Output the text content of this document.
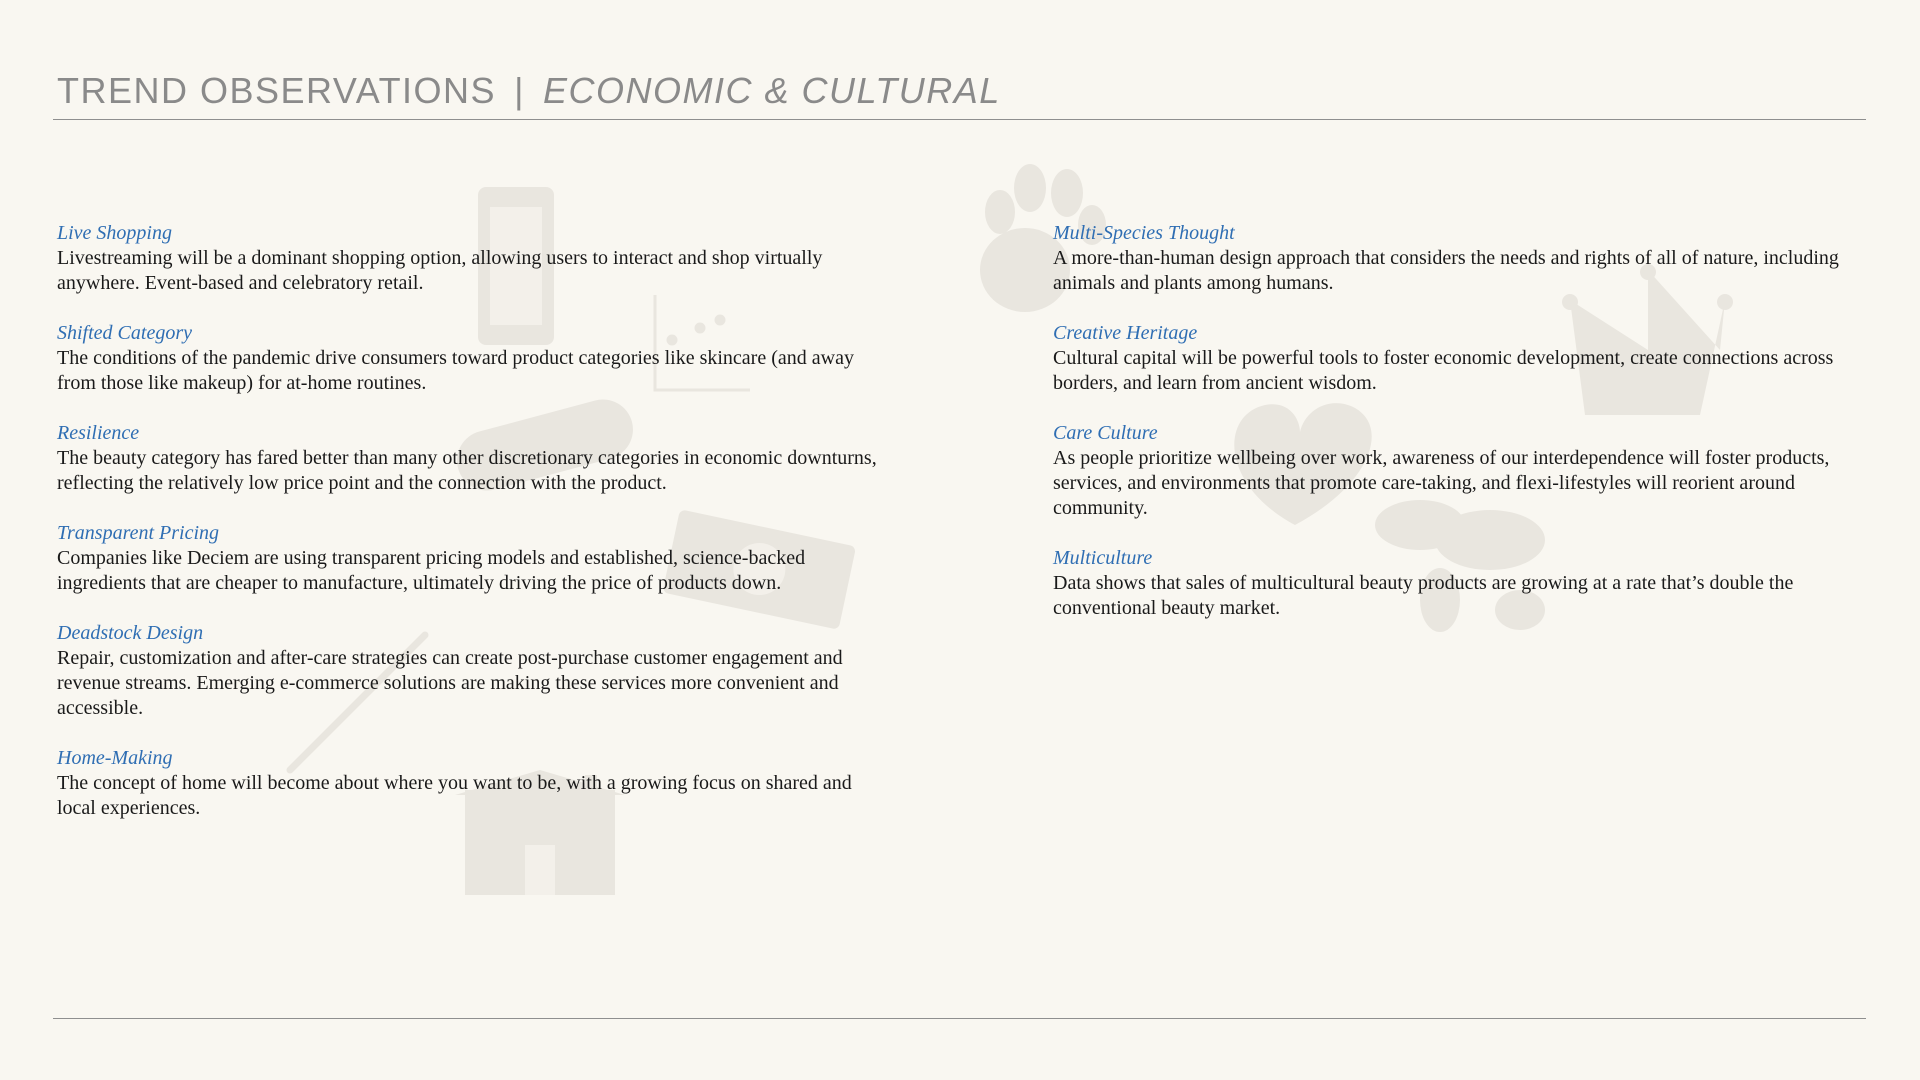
TREND OBSERVATIONS | ECONOMIC & CULTURAL
Live Shopping
Livestreaming will be a dominant shopping option, allowing users to interact and shop virtually anywhere. Event-based and celebratory retail.
Shifted Category
The conditions of the pandemic drive consumers toward product categories like skincare (and away from those like makeup) for at-home routines.
Resilience
The beauty category has fared better than many other discretionary categories in economic downturns, reflecting the relatively low price point and the connection with the product.
Transparent Pricing
Companies like Deciem are using transparent pricing models and established, science-backed ingredients that are cheaper to manufacture, ultimately driving the price of products down.
Deadstock Design
Repair, customization and after-care strategies can create post-purchase customer engagement and revenue streams. Emerging e-commerce solutions are making these services more convenient and accessible.
Home-Making
The concept of home will become about where you want to be, with a growing focus on shared and local experiences.
Multi-Species Thought
A more-than-human design approach that considers the needs and rights of all of nature, including animals and plants among humans.
Creative Heritage
Cultural capital will be powerful tools to foster economic development, create connections across borders, and learn from ancient wisdom.
Care Culture
As people prioritize wellbeing over work, awareness of our interdependence will foster products, services, and environments that promote care-taking, and flexi-lifestyles will reorient around community.
Multiculture
Data shows that sales of multicultural beauty products are growing at a rate that’s double the conventional beauty market.
